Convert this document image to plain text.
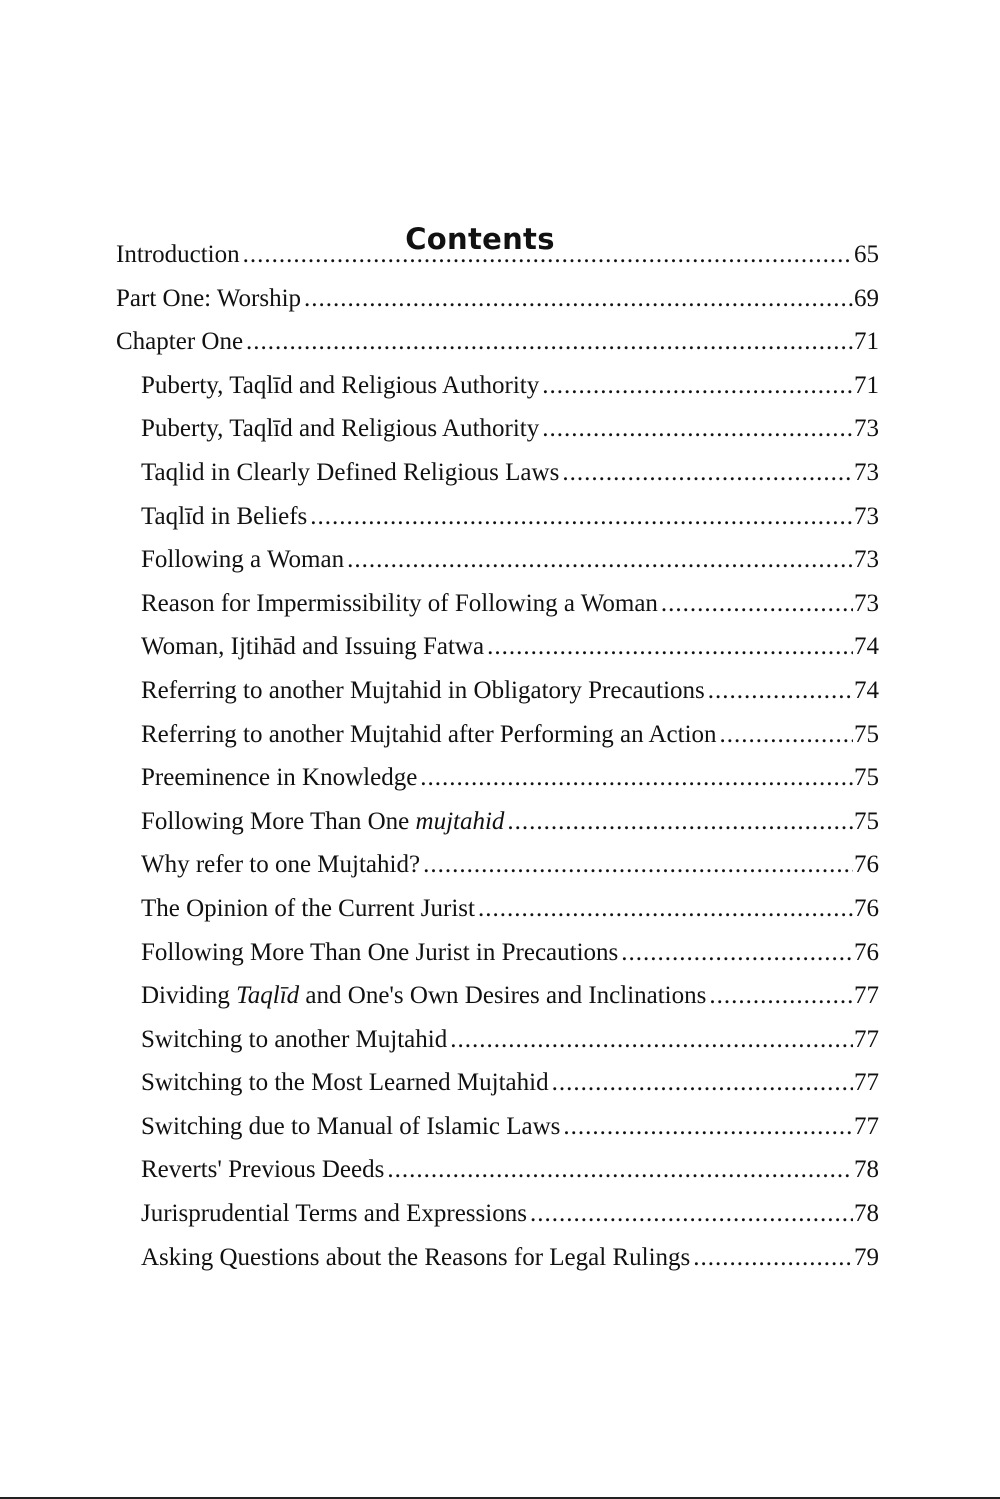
Contents
Introduction .....	65
Part One: Worship .....	69
Chapter One .....	71
Puberty, Taqlīd and Religious Authority .....	71
Puberty, Taqlīd and Religious Authority .....	73
Taqlid in Clearly Defined Religious Laws .....	73
Taqlīd in Beliefs .....	73
Following a Woman .....	73
Reason for Impermissibility of Following a Woman .....	73
Woman, Ijtihād and Issuing Fatwa .....	74
Referring to another Mujtahid in Obligatory Precautions .....	74
Referring to another Mujtahid after Performing an Action .....	75
Preeminence in Knowledge .....	75
Following More Than One mujtahid .....	75
Why refer to one Mujtahid? .....	76
The Opinion of the Current Jurist .....	76
Following More Than One Jurist in Precautions .....	76
Dividing Taqlīd and One's Own Desires and Inclinations .....	77
Switching to another Mujtahid .....	77
Switching to the Most Learned Mujtahid .....	77
Switching due to Manual of Islamic Laws .....	77
Reverts' Previous Deeds .....	78
Jurisprudential Terms and Expressions .....	78
Asking Questions about the Reasons for Legal Rulings .....	79
